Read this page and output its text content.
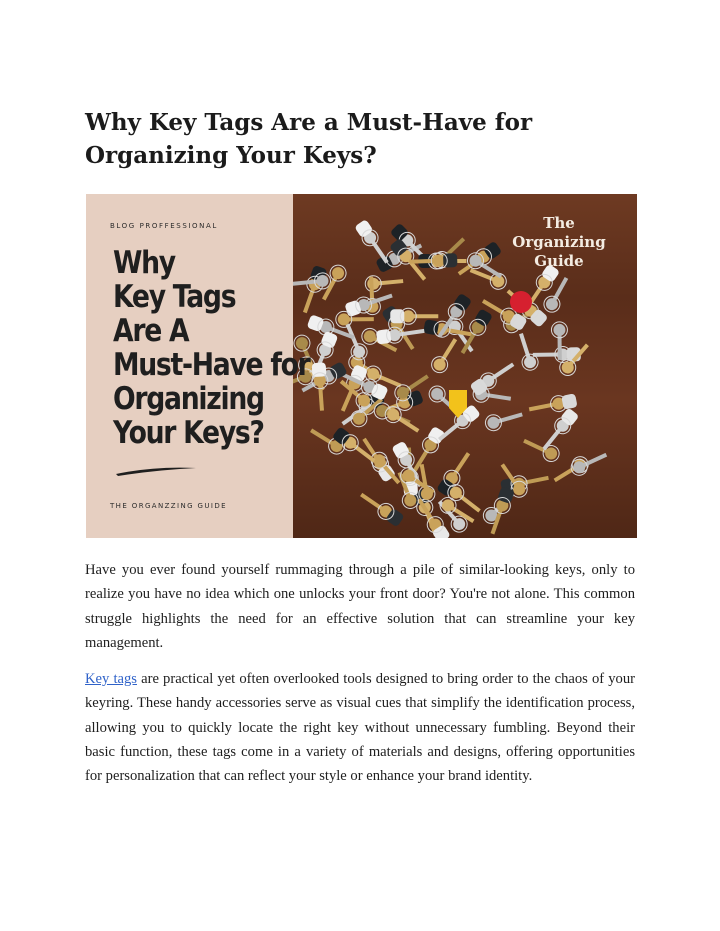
Why Key Tags Are a Must-Have for Organizing Your Keys?
BLOG PROFFESSIONAL
THE ORGANZZING GUIDE
The Organizing
Guide
Why
Key Tags
Are A
Must-Have for
Organizing
Your Keys?

Have you ever found yourself rummaging through a pile of similar-looking keys, only to realize you have no idea which one unlocks your front door? You're not alone. This common struggle highlights the need for an effective solution that can streamline your key management.

Key tags are practical yet often overlooked tools designed to bring order to the chaos of your keyring. These handy accessories serve as visual cues that simplify the identification process, allowing you to quickly locate the right key without unnecessary fumbling. Beyond their basic function, these tags come in a variety of materials and designs, offering opportunities for personalization that can reflect your style or enhance your brand identity.
